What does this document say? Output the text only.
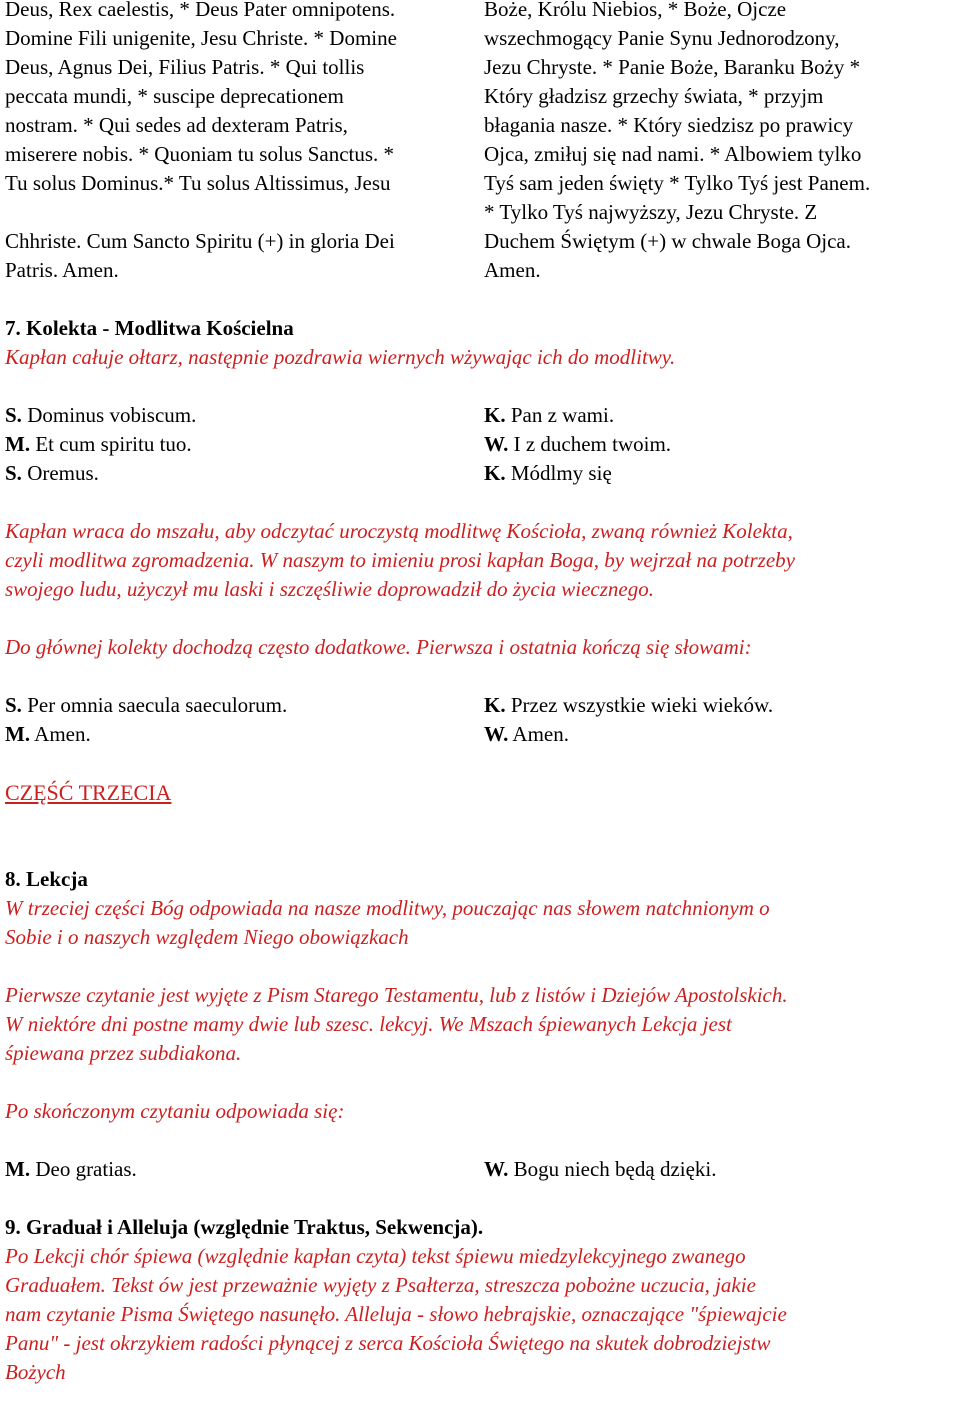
Deus, Rex caelestis, * Deus Pater omnipotens.
Domine Fili unigenite, Jesu Christe. * Domine
Deus, Agnus Dei, Filius Patris. * Qui tollis
peccata mundi, * suscipe deprecationem
nostram. * Qui sedes ad dexteram Patris,
miserere nobis. * Quoniam tu solus Sanctus. *
Tu solus Dominus.* Tu solus Altissimus, Jesu
Chhriste. Cum Sancto Spiritu (+) in gloria Dei
Patris. Amen.
Boże, Królu Niebios, * Boże, Ojcze
wszechmogący Panie Synu Jednorodzony,
Jezu Chryste. * Panie Boże, Baranku Boży *
Który gładzisz grzechy świata, * przyjm
błagania nasze. * Który siedzisz po prawicy
Ojca, zmiłuj się nad nami. * Albowiem tylko
Tyś sam jeden święty * Tylko Tyś jest Panem.
* Tylko Tyś najwyższy, Jezu Chryste. Z
Duchem Świętym (+) w chwale Boga Ojca.
Amen.
7. Kolekta - Modlitwa Kościelna
Kapłan całuje ołtarz, następnie pozdrawia wiernych wżywając ich do modlitwy.
S. Dominus vobiscum.	K. Pan z wami.
M. Et cum spiritu tuo.	W. I z duchem twoim.
S. Oremus.	K. Módlmy się
Kapłan wraca do mszału, aby odczytać uroczystą modlitwę Kościoła, zwaną również Kolekta,
czyli modlitwa zgromadzenia. W naszym to imieniu prosi kapłan Boga, by wejrzał na potrzeby
swojego ludu, użyczył mu laski i szczęśliwie doprowadził do życia wiecznego.
Do głównej kolekty dochodzą często dodatkowe. Pierwsza i ostatnia kończą się słowami:
S. Per omnia saecula saeculorum.	K. Przez wszystkie wieki wieków.
M. Amen.	W. Amen.
CZĘŚĆ TRZECIA
8. Lekcja
W trzeciej części Bóg odpowiada na nasze modlitwy, pouczając nas słowem natchnionym o
Sobie i o naszych względem Niego obowiązkach
Pierwsze czytanie jest wyjęte z Pism Starego Testamentu, lub z listów i Dziejów Apostolskich.
W niektóre dni postne mamy dwie lub szesc. lekcyj. We Mszach śpiewanych Lekcja jest
śpiewana przez subdiakona.
Po skończonym czytaniu odpowiada się:
M. Deo gratias.	W. Bogu niech będą dzięki.
9. Graduał i Alleluja (względnie Traktus, Sekwencja).
Po Lekcji chór śpiewa (względnie kapłan czyta) tekst śpiewu miedzylekcyjnego zwanego
Graduałem. Tekst ów jest przeważnie wyjęty z Psałterza, streszcza pobożne uczucia, jakie
nam czytanie Pisma Świętego nasunęło. Alleluja - słowo hebrajskie, oznaczające "śpiewajcie
Panu" - jest okrzykiem radości płynącej z serca Kościoła Świętego na skutek dobrodziejstw
Bożych
